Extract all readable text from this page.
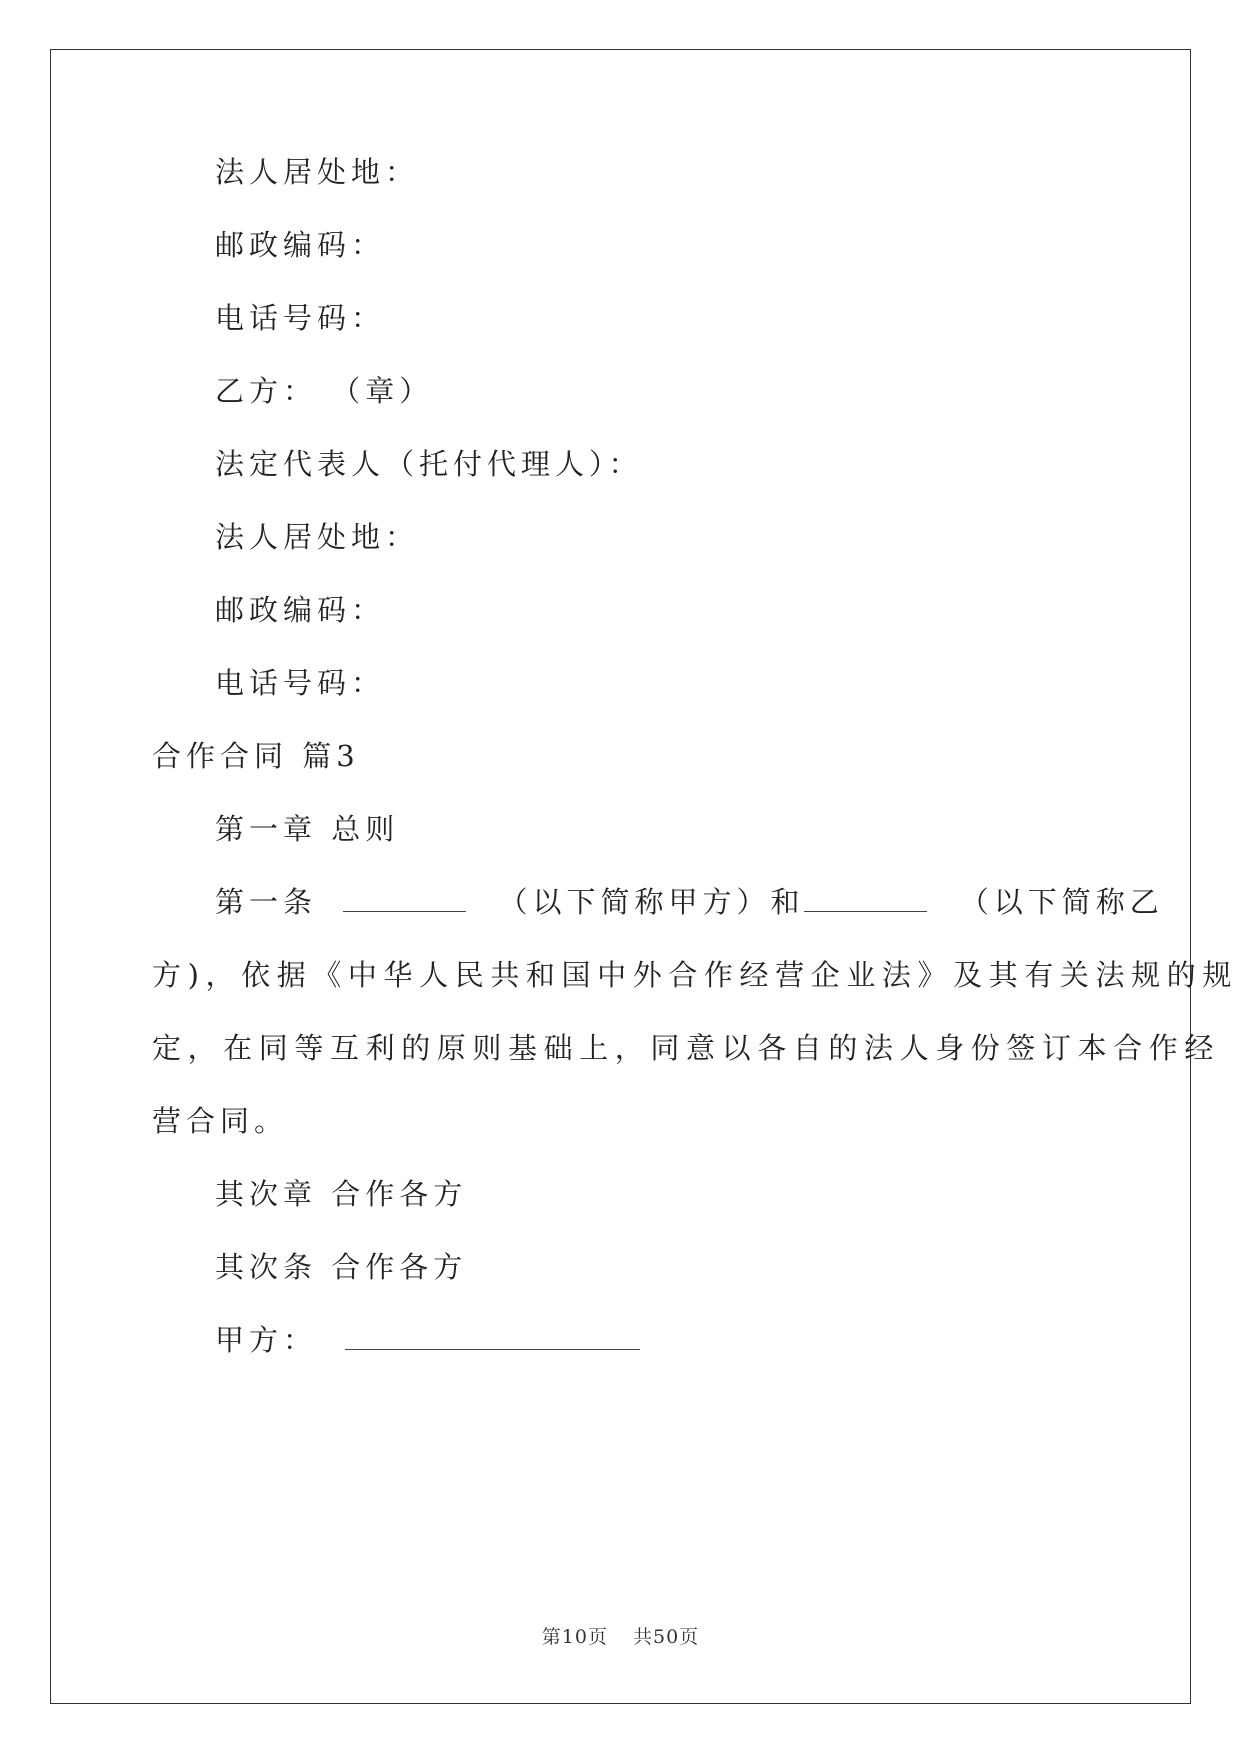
法人居处地：
邮政编码：
电话号码：
乙方： （章）
法定代表人（托付代理人）：
法人居处地：
邮政编码：
电话号码：
合作合同 篇3
第一章 总则
第一条	（以下简称甲方）和	（以下简称乙
方)，依据《中华人民共和国中外合作经营企业法》及其有关法规的规
定，在同等互利的原则基础上，同意以各自的法人身份签订本合作经
营合同。
其次章 合作各方
其次条 合作各方
甲方：
第10页 共50页
